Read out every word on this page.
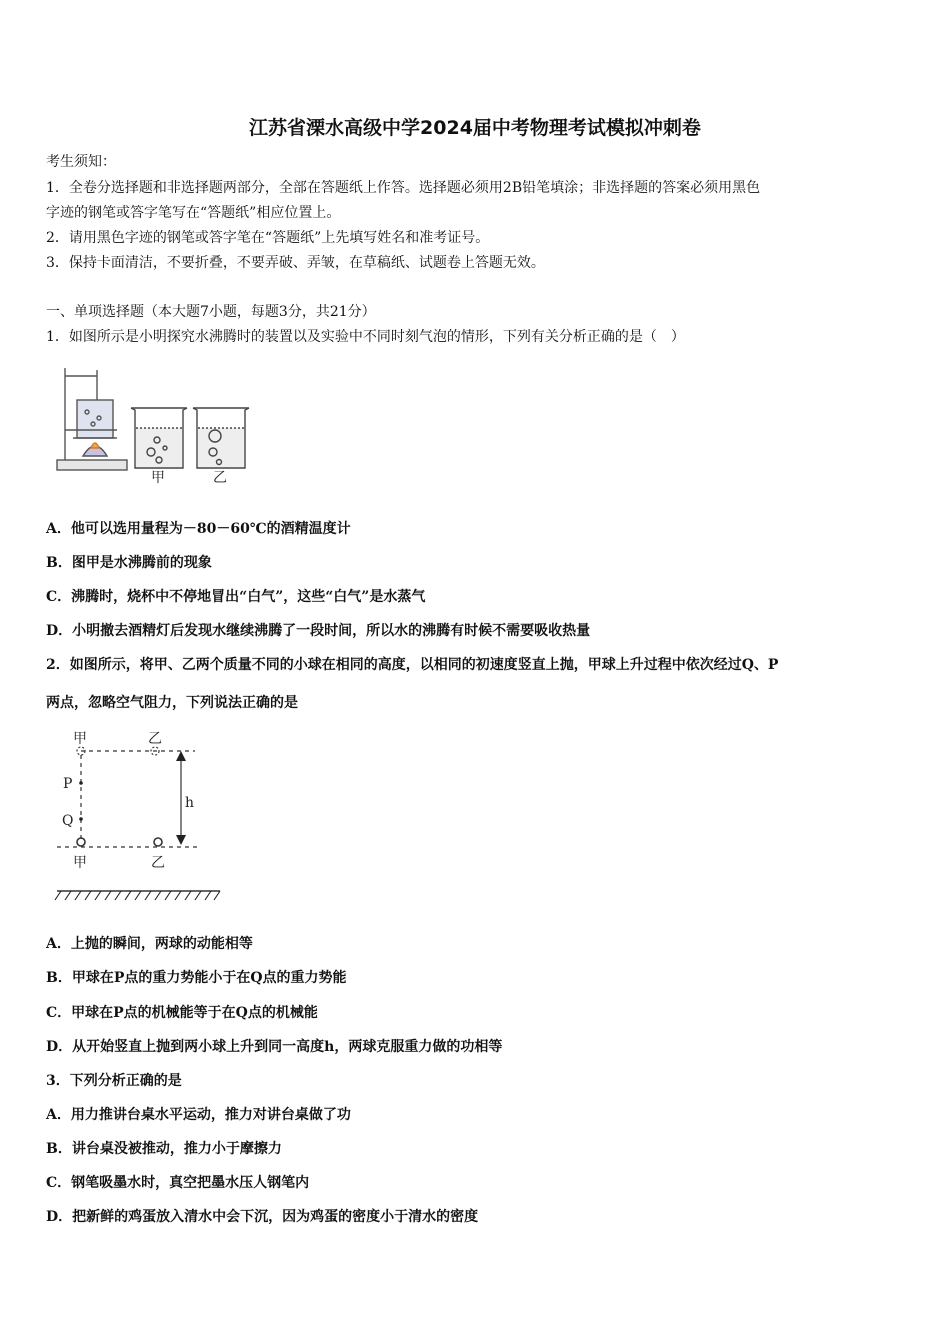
江苏省溧水高级中学2024届中考物理考试模拟冲刺卷
考生须知：
1．全卷分选择题和非选择题两部分，全部在答题纸上作答。选择题必须用2B铅笔填涂；非选择题的答案必须用黑色
字迹的钢笔或答字笔写在“答题纸”相应位置上。
2．请用黑色字迹的钢笔或答字笔在“答题纸”上先填写姓名和准考证号。
3．保持卡面清洁，不要折叠，不要弄破、弄皱，在草稿纸、试题卷上答题无效。
一、单项选择题（本大题7小题，每题3分，共21分）
1．如图所示是小明探究水沸腾时的装置以及实验中不同时刻气泡的情形，下列有关分析正确的是（　）
甲	乙
A．他可以选用量程为－80－60℃的酒精温度计
B．图甲是水沸腾前的现象
C．沸腾时，烧杯中不停地冒出“白气”，这些“白气”是水蒸气
D．小明撤去酒精灯后发现水继续沸腾了一段时间，所以水的沸腾有时候不需要吸收热量
2．如图所示，将甲、乙两个质量不同的小球在相同的高度，以相同的初速度竖直上抛，甲球上升过程中依次经过Q、P
两点，忽略空气阻力，下列说法正确的是
甲	乙
P
Q
h
甲	乙
A．上抛的瞬间，两球的动能相等
B．甲球在P点的重力势能小于在Q点的重力势能
C．甲球在P点的机械能等于在Q点的机械能
D．从开始竖直上抛到两小球上升到同一高度h，两球克服重力做的功相等
3．下列分析正确的是
A．用力推讲台桌水平运动，推力对讲台桌做了功
B．讲台桌没被推动，推力小于摩擦力
C．钢笔吸墨水时，真空把墨水压人钢笔内
D．把新鲜的鸡蛋放入清水中会下沉，因为鸡蛋的密度小于清水的密度
